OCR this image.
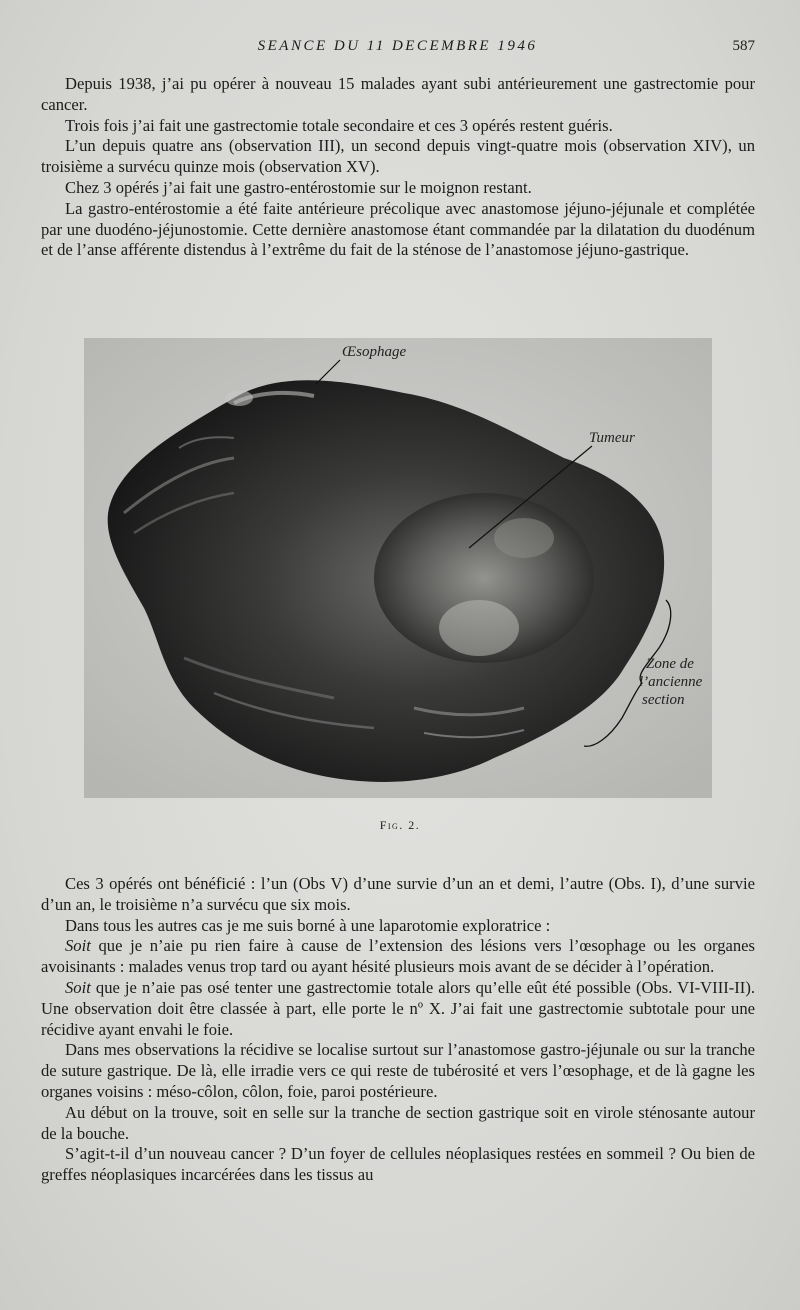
SEANCE DU 11 DECEMBRE 1946	587

Depuis 1938, j’ai pu opérer à nouveau 15 malades ayant subi antérieurement une gastrectomie pour cancer.

Trois fois j’ai fait une gastrectomie totale secondaire et ces 3 opérés restent guéris.

L’un depuis quatre ans (observation III), un second depuis vingt-quatre mois (observation XIV), un troisième a survécu quinze mois (observation XV).

Chez 3 opérés j’ai fait une gastro-entérostomie sur le moignon restant.

La gastro-entérostomie a été faite antérieure précolique avec anastomose jéjuno-jéjunale et complétée par une duodéno-jéjunostomie. Cette dernière anastomose étant commandée par la dilatation du duodénum et de l’anse afférente distendus à l’extrême du fait de la sténose de l’anastomose jéjuno-gastrique.

Œsophage
Tumeur
Zone de
l’ancienne
section
Fig. 2.

Ces 3 opérés ont bénéficié : l’un (Obs V) d’une survie d’un an et demi, l’autre (Obs. I), d’une survie d’un an, le troisième n’a survécu que six mois.

Dans tous les autres cas je me suis borné à une laparotomie exploratrice :

Soit que je n’aie pu rien faire à cause de l’extension des lésions vers l’œsophage ou les organes avoisinants : malades venus trop tard ou ayant hésité plusieurs mois avant de se décider à l’opération.

Soit que je n’aie pas osé tenter une gastrectomie totale alors qu’elle eût été possible (Obs. VI-VIII-II). Une observation doit être classée à part, elle porte le nº X. J’ai fait une gastrectomie subtotale pour une récidive ayant envahi le foie.

Dans mes observations la récidive se localise surtout sur l’anastomose gastro-jéjunale ou sur la tranche de suture gastrique. De là, elle irradie vers ce qui reste de tubérosité et vers l’œsophage, et de là gagne les organes voisins : méso-côlon, côlon, foie, paroi postérieure.

Au début on la trouve, soit en selle sur la tranche de section gastrique soit en virole sténosante autour de la bouche.

S’agit-t-il d’un nouveau cancer ? D’un foyer de cellules néoplasiques restées en sommeil ? Ou bien de greffes néoplasiques incarcérées dans les tissus au
